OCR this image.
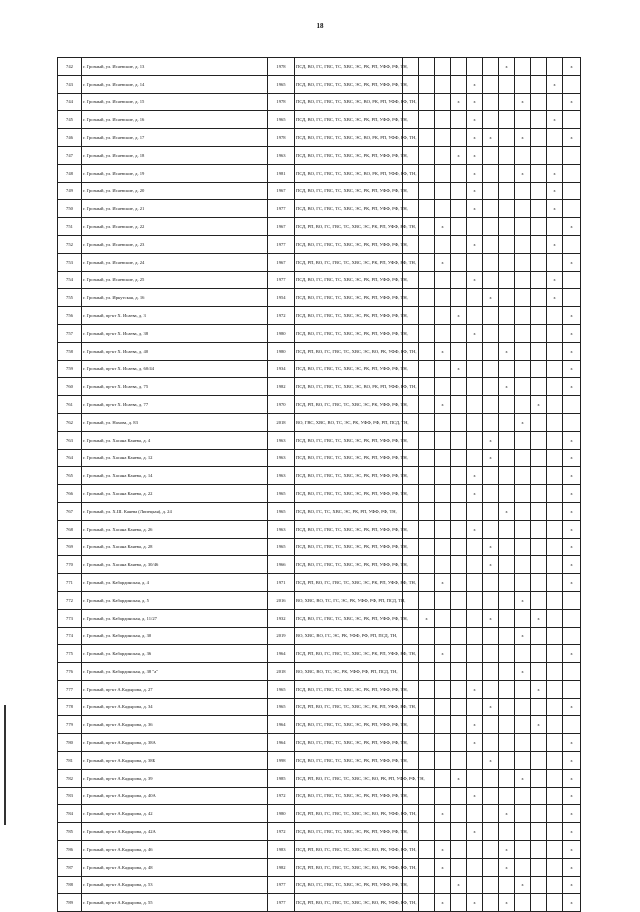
18
742	г. Грозный, ул. Исаевские, д. 13	1978	ПСД, ВО, ГС, ГВС, ТС, ХВС, ЭС, РК, РП, УФФ, РФ, ТН,							x				x
743	г. Грозный, ул. Исаевские, д. 14	1965	ПСД, ВО, ГС, ГВС, ТС, ХВС, ЭС, РК, РП, УФФ, РФ, ТН,					x					x	
744	г. Грозный, ул. Исаевские, д. 15	1978	ПСД, ВО, ГС, ГВС, ТС, ХВС, ЭС, ВО, РК, РП, УФФ, РФ, ТН,				x	x			x			x
745	г. Грозный, ул. Исаевские, д. 16	1965	ПСД, ВО, ГС, ГВС, ТС, ХВС, ЭС, РК, РП, УФФ, РФ, ТН,					x					x	
746	г. Грозный, ул. Исаевские, д. 17	1978	ПСД, ВО, ГС, ГВС, ТС, ХВС, ЭС, ВО, РК, РП, УФФ, РФ, ТН,					x	x		x			x
747	г. Грозный, ул. Исаевские, д. 18	1963	ПСД, ВО, ГС, ГВС, ТС, ХВС, ЭС, РК, РП, УФФ, РФ, ТН,				x	x						
748	г. Грозный, ул. Исаевские, д. 19	1981	ПСД, ВО, ГС, ГВС, ТС, ХВС, ЭС, ВО, РК, РП, УФФ, РФ, ТН,					x			x		x	
749	г. Грозный, ул. Исаевские, д. 20	1967	ПСД, ВО, ГС, ГВС, ТС, ХВС, ЭС, РК, РП, УФФ, РФ, ТН,					x					x	
750	г. Грозный, ул. Исаевские, д. 21	1977	ПСД, ВО, ГС, ГВС, ТС, ХВС, ЭС, РК, РП, УФФ, РФ, ТН,					x					x	
751	г. Грозный, ул. Исаевские, д. 22	1967	ПСД, РП, ВО, ГС, ГВС, ТС, ХВС, ЭС, РК, РП, УФФ, РФ, ТН,			x								x
752	г. Грозный, ул. Исаевские, д. 23	1977	ПСД, ВО, ГС, ГВС, ТС, ХВС, ЭС, РК, РП, УФФ, РФ, ТН,					x					x	
753	г. Грозный, ул. Исаевские, д. 24	1967	ПСД, РП, ВО, ГС, ГВС, ТС, ХВС, ЭС, РК, РП, УФФ, РФ, ТН,			x								x
754	г. Грозный, ул. Исаевские, д. 25	1977	ПСД, ВО, ГС, ГВС, ТС, ХВС, ЭС, РК, РП, УФФ, РФ, ТН,					x					x	
755	г. Грозный, ул. Иркутская, д. 16	1954	ПСД, ВО, ГС, ГВС, ТС, ХВС, ЭС, РК, РП, УФФ, РФ, ТН,						x				x	
756	г. Грозный, пр-кт Х. Исаева, д. 3	1972	ПСД, ВО, ГС, ГВС, ТС, ХВС, ЭС, РК, РП, УФФ, РФ, ТН,				x							x
757	г. Грозный, пр-кт Х. Исаева, д. 38	1980	ПСД, ВО, ГС, ГВС, ТС, ХВС, ЭС, РК, РП, УФФ, РФ, ТН,					x						x
758	г. Грозный, пр-кт Х. Исаева, д. 40	1980	ПСД, РП, ВО, ГС, ГВС, ТС, ХВС, ЭС, ВО, РК, УФФ, РФ, ТН,			x				x				x
759	г. Грозный, пр-кт Х. Исаева, д. 60/44	1934	ПСД, ВО, ГС, ГВС, ТС, ХВС, ЭС, РК, РП, УФФ, РФ, ТН,				x							x
760	г. Грозный, пр-кт Х. Исаева, д. 75	1982	ПСД, ВО, ГС, ГВС, ТС, ХВС, ЭС, ВО, РК, РП, УФФ, РФ, ТН,							x				x
761	г. Грозный, пр-кт Х. Исаева, д. 77	1970	ПСД, РП, ВО, ГС, ГВС, ТС, ХВС, ЭС, РК, УФФ, РФ, ТН,			x						x		
762	г. Грозный, ул. Нахова, д. 83	2018	ВО, ГВС, ХВС, ВО, ТС, ЭС, РК, УФФ, РФ, РП, ПСД, ТН,								x			
763	г. Грозный, ул. Хасана Каяева, д. 4	1963	ПСД, ВО, ГС, ГВС, ТС, ХВС, ЭС, РК, РП, УФФ, РФ, ТН,						x					x
764	г. Грозный, ул. Хасана Каяева, д. 12	1963	ПСД, ВО, ГС, ГВС, ТС, ХВС, ЭС, РК, РП, УФФ, РФ, ТН,						x					x
765	г. Грозный, ул. Хасана Каяева, д. 14	1963	ПСД, ВО, ГС, ГВС, ТС, ХВС, ЭС, РК, РП, УФФ, РФ, ТН,					x						x
766	г. Грозный, ул. Хасана Каяева, д. 22	1965	ПСД, ВО, ГС, ГВС, ТС, ХВС, ЭС, РК, РП, УФФ, РФ, ТН,					x						x
767	г. Грозный, ул. Х.Ш. Каяева (Липецкая), д. 24	1965	ПСД, ВО, ГС, ТС, ХВС, ЭС, РК, РП, УФФ, РФ, ТН,							x				x
768	г. Грозный, ул. Хасана Каяева, д. 26	1963	ПСД, ВО, ГС, ГВС, ТС, ХВС, ЭС, РК, РП, УФФ, РФ, ТН,					x						x
769	г. Грозный, ул. Хасана Каяева, д. 28	1965	ПСД, ВО, ГС, ГВС, ТС, ХВС, ЭС, РК, РП, УФФ, РФ, ТН,						x					x
770	г. Грозный, ул. Хасана Каяева, д. 30/46	1966	ПСД, ВО, ГС, ГВС, ТС, ХВС, ЭС, РК, РП, УФФ, РФ, ТН,						x					x
771	г. Грозный, ул. Кабардинская, д. 4	1971	ПСД, РП, ВО, ГС, ГВС, ТС, ХВС, ЭС, РК, РП, УФФ, РФ, ТН,			x								x
772	г. Грозный, ул. Кабардинская, д. 5	2016	ВО, ХВС, ВО, ТС, ГС, ЭС, РК, УФФ, РФ, РП, ПСД, ТН,								x			
773	г. Грозный, ул. Кабардинская, д. 11/27	1932	ПСД, ВО, ГС, ГВС, ТС, ХВС, ЭС, РК, РП, УФФ, РФ, ТН,		x				x			x		
774	г. Грозный, ул. Кабардинская, д. 30	2019	ВО, ХВС, ВО, ГС, ЭС, РК, УФФ, РФ, РП, ПСД, ТН,								x			
775	г. Грозный, ул. Кабардинская, д. 36	1964	ПСД, РП, ВО, ГС, ГВС, ТС, ХВС, ЭС, РК, РП, УФФ, РФ, ТН,			x								x
776	г. Грозный, ул. Кабардинская, д. 38 "а"	2018	ВО, ХВС, ВО, ТС, ЭС, РК, УФФ, РФ, РП, ПСД, ТН,								x			
777	г. Грозный, пр-кт А.Кадырова, д. 27	1965	ПСД, ВО, ГС, ГВС, ТС, ХВС, ЭС, РК, РП, УФФ, РФ, ТН,					x				x		
778	г. Грозный, пр-кт А.Кадырова, д. 34	1965	ПСД, РП, ВО, ГС, ГВС, ТС, ХВС, ЭС, РК, РП, УФФ, РФ, ТН,						x					x
779	г. Грозный, пр-кт А.Кадырова, д. 36	1964	ПСД, ВО, ГС, ГВС, ТС, ХВС, ЭС, РК, РП, УФФ, РФ, ТН,					x				x		
780	г. Грозный, пр-кт А.Кадырова, д. 38А	1964	ПСД, ВО, ГС, ГВС, ТС, ХВС, ЭС, РК, РП, УФФ, РФ, ТН,					x						x
781	г. Грозный, пр-кт А.Кадырова, д. 38Б	1998	ПСД, ВО, ГС, ГВС, ТС, ХВС, ЭС, РК, РП, УФФ, РФ, ТН,						x					x
782	г. Грозный, пр-кт А.Кадырова, д. 39	1985	ПСД, РП, ВО, ГС, ГВС, ТС, ХВС, ЭС, ВО, РК, РП, УФФ, РФ, ТН,				x				x			x
783	г. Грозный, пр-кт А.Кадырова, д. 40А	1972	ПСД, ВО, ГС, ГВС, ТС, ХВС, ЭС, РК, РП, УФФ, РФ, ТН,					x						x
784	г. Грозный, пр-кт А.Кадырова, д. 42	1980	ПСД, РП, ВО, ГС, ГВС, ТС, ХВС, ЭС, ВО, РК, УФФ, РФ, ТН,			x				x				x
785	г. Грозный, пр-кт А.Кадырова, д. 42А	1972	ПСД, ВО, ГС, ГВС, ТС, ХВС, ЭС, РК, РП, УФФ, РФ, ТН,					x						x
786	г. Грозный, пр-кт А.Кадырова, д. 46	1983	ПСД, РП, ВО, ГС, ГВС, ТС, ХВС, ЭС, ВО, РК, УФФ, РФ, ТН,			x				x				x
787	г. Грозный, пр-кт А.Кадырова, д. 48	1982	ПСД, РП, ВО, ГС, ГВС, ТС, ХВС, ЭС, ВО, РК, УФФ, РФ, ТН,			x				x				x
788	г. Грозный, пр-кт А.Кадырова, д. 53	1977	ПСД, ВО, ГС, ГВС, ТС, ХВС, ЭС, РК, РП, УФФ, РФ, ТН,				x				x			x
789	г. Грозный, пр-кт А.Кадырова, д. 55	1977	ПСД, РП, ВО, ГС, ГВС, ТС, ХВС, ЭС, ВО, РК, УФФ, РФ, ТН,			x		x		x				x
